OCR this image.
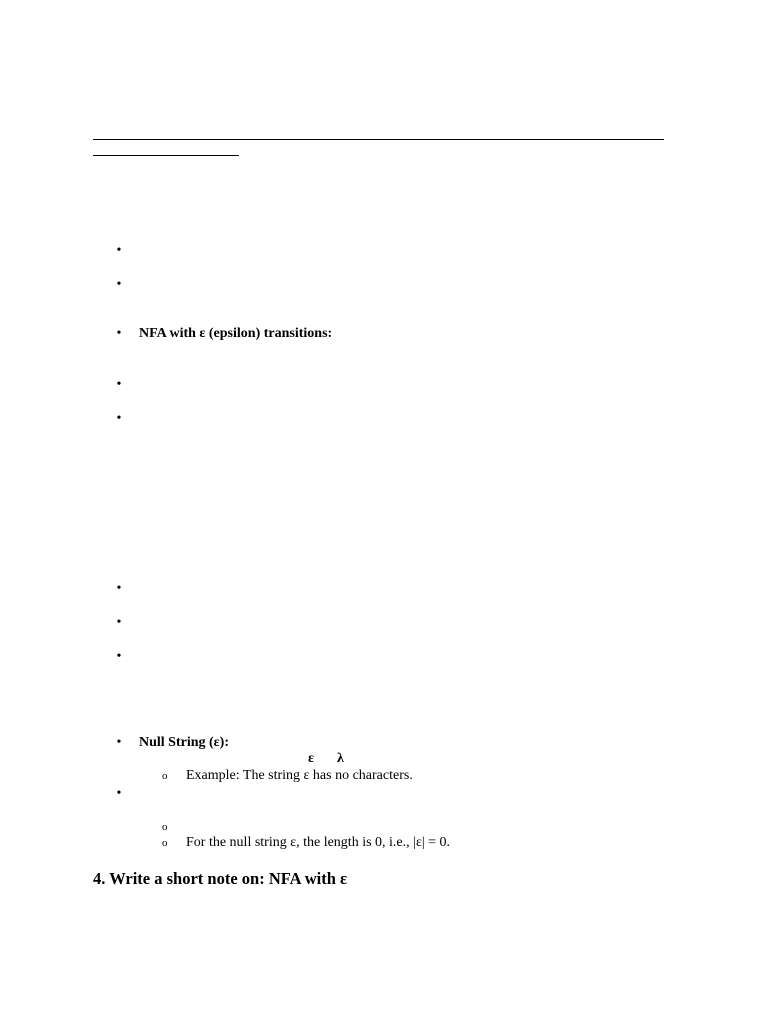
•
•
• NFA with ε (epsilon) transitions:
•
•
•
•
•
• Null String (ε):
ε λ
o Example: The string ε has no characters.
•
o
o For the null string ε, the length is 0, i.e., |ε| = 0.
4. Write a short note on: NFA with ε
